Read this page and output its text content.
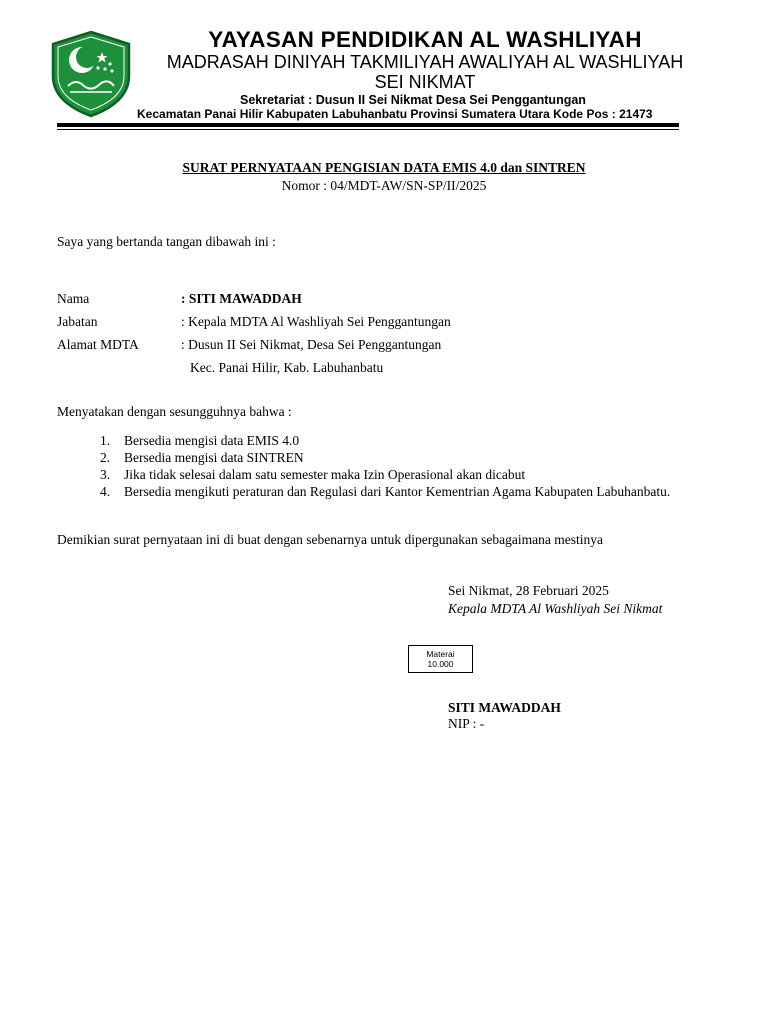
YAYASAN PENDIDIKAN AL WASHLIYAH
MADRASAH DINIYAH TAKMILIYAH AWALIYAH AL WASHLIYAH
SEI NIKMAT
Sekretariat : Dusun II Sei Nikmat Desa Sei Penggantungan
Kecamatan Panai Hilir Kabupaten Labuhanbatu Provinsi Sumatera Utara Kode Pos : 21473
SURAT PERNYATAAN PENGISIAN DATA EMIS 4.0 dan SINTREN
Nomor : 04/MDT-AW/SN-SP/II/2025
Saya yang bertanda tangan dibawah ini :
Nama	: SITI MAWADDAH
Jabatan	: Kepala MDTA Al Washliyah Sei Penggantungan
Alamat MDTA	: Dusun II Sei Nikmat, Desa Sei Penggantungan
Kec. Panai Hilir, Kab. Labuhanbatu
Menyatakan dengan sesungguhnya bahwa :
1.	Bersedia mengisi data EMIS 4.0
2.	Bersedia mengisi data SINTREN
3.	Jika tidak selesai dalam satu semester maka Izin Operasional akan dicabut
4.	Bersedia mengikuti peraturan dan Regulasi dari Kantor Kementrian Agama Kabupaten Labuhanbatu.
Demikian surat pernyataan ini di buat dengan sebenarnya untuk dipergunakan sebagaimana mestinya
Sei Nikmat, 28 Februari 2025
Kepala MDTA Al Washliyah Sei Nikmat
Materai
10.000
SITI MAWADDAH
NIP : -
